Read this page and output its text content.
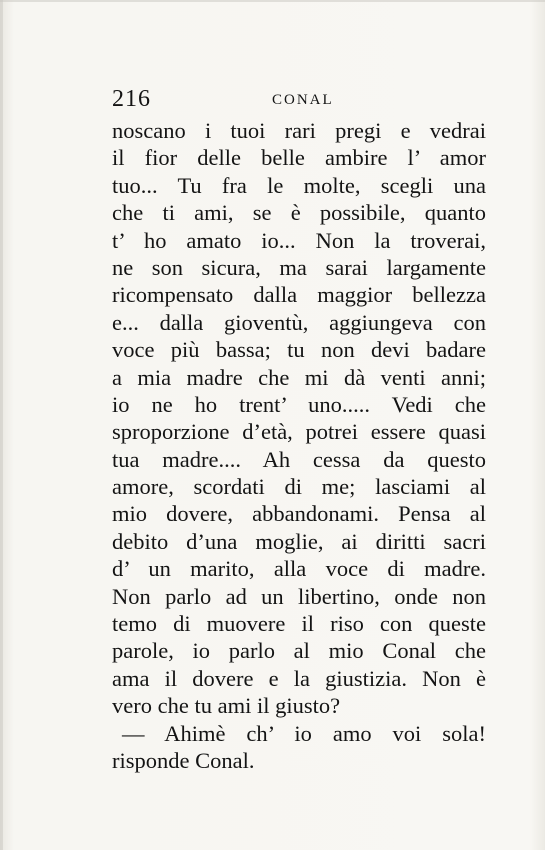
216	CONAL
noscano i tuoi rari pregi e vedrai
il fior delle belle ambire l’ amor
tuo... Tu fra le molte, scegli una
che ti ami, se è possibile, quanto
t’ ho amato io... Non la troverai,
ne son sicura, ma sarai largamente
ricompensato dalla maggior bellezza
e... dalla gioventù, aggiungeva con
voce più bassa; tu non devi badare
a mia madre che mi dà venti anni;
io ne ho trent’ uno..... Vedi che
sproporzione d’età, potrei essere quasi
tua madre.... Ah cessa da questo
amore, scordati di me; lasciami al
mio dovere, abbandonami. Pensa al
debito d’una moglie, ai diritti sacri
d’ un marito, alla voce di madre.
Non parlo ad un libertino, onde non
temo di muovere il riso con queste
parole, io parlo al mio Conal che
ama il dovere e la giustizia. Non è
vero che tu ami il giusto?
— Ahimè ch’ io amo voi sola!
risponde Conal.
